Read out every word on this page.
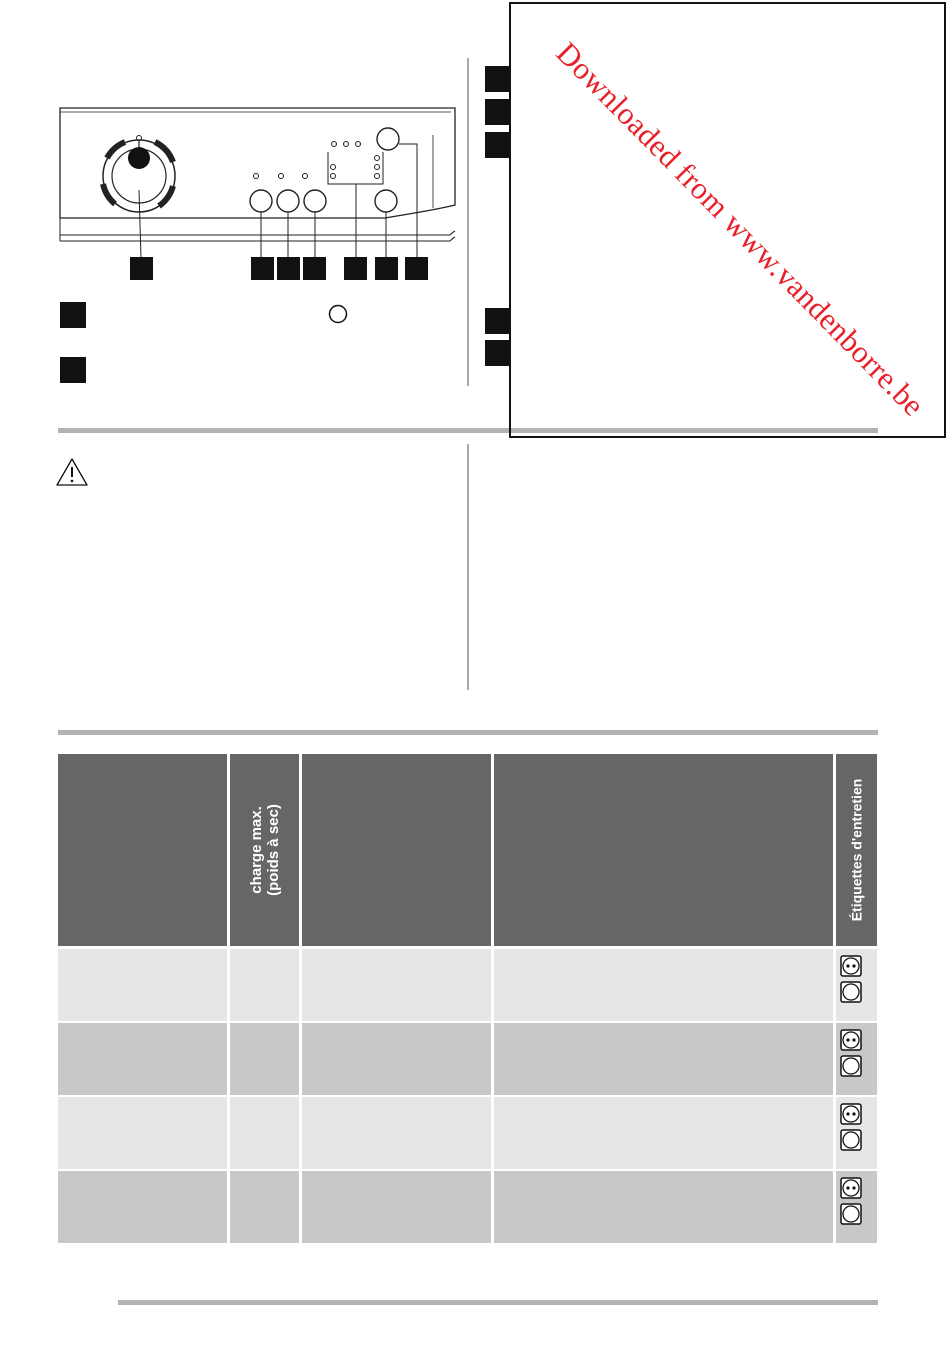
Downloaded from www.vandenborre.be
charge max. (poids à sec)	Étiquettes d'entretien
